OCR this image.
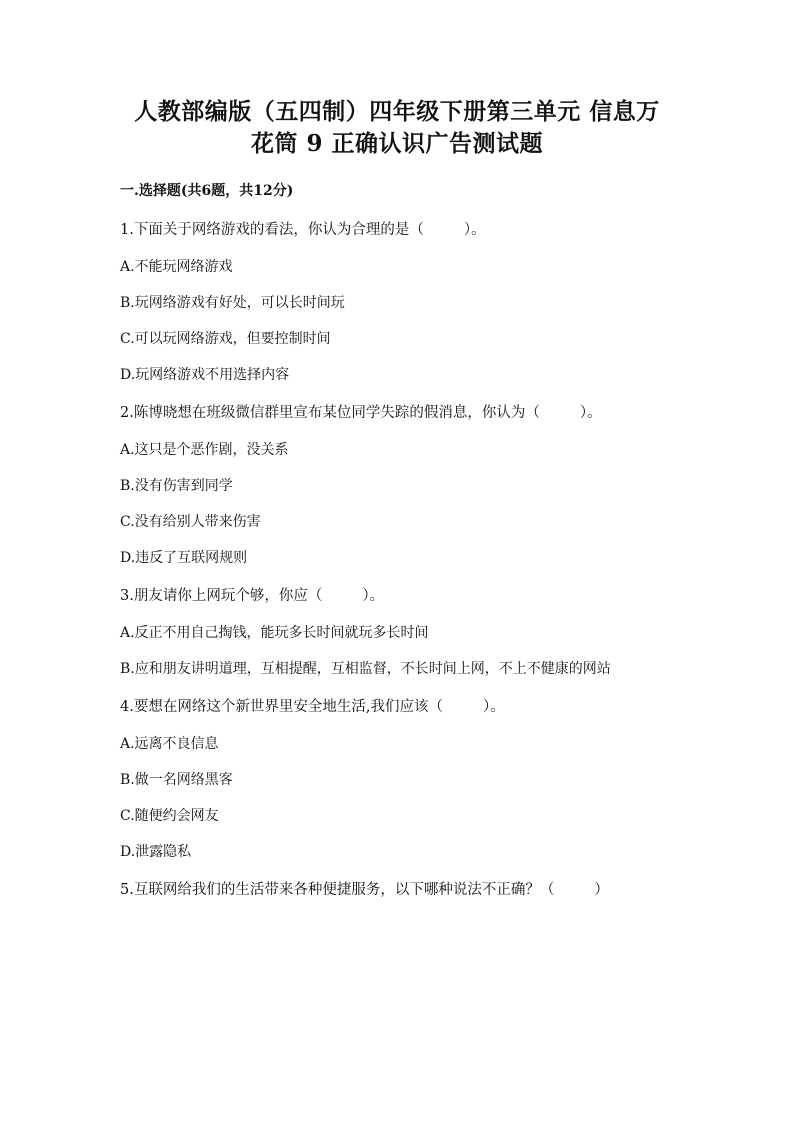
人教部编版（五四制）四年级下册第三单元 信息万
花筒 9 正确认识广告测试题
一.选择题(共6题，共12分)
1.下面关于网络游戏的看法，你认为合理的是（	）。
A.不能玩网络游戏
B.玩网络游戏有好处，可以长时间玩
C.可以玩网络游戏，但要控制时间
D.玩网络游戏不用选择内容
2.陈博晓想在班级微信群里宣布某位同学失踪的假消息，你认为（	）。
A.这只是个恶作剧，没关系
B.没有伤害到同学
C.没有给别人带来伤害
D.违反了互联网规则
3.朋友请你上网玩个够，你应（	）。
A.反正不用自己掏钱，能玩多长时间就玩多长时间
B.应和朋友讲明道理，互相提醒，互相监督，不长时间上网，不上不健康的网站
4.要想在网络这个新世界里安全地生活,我们应该（	）。
A.远离不良信息
B.做一名网络黑客
C.随便约会网友
D.泄露隐私
5.互联网给我们的生活带来各种便捷服务，以下哪种说法不正确？（	）
